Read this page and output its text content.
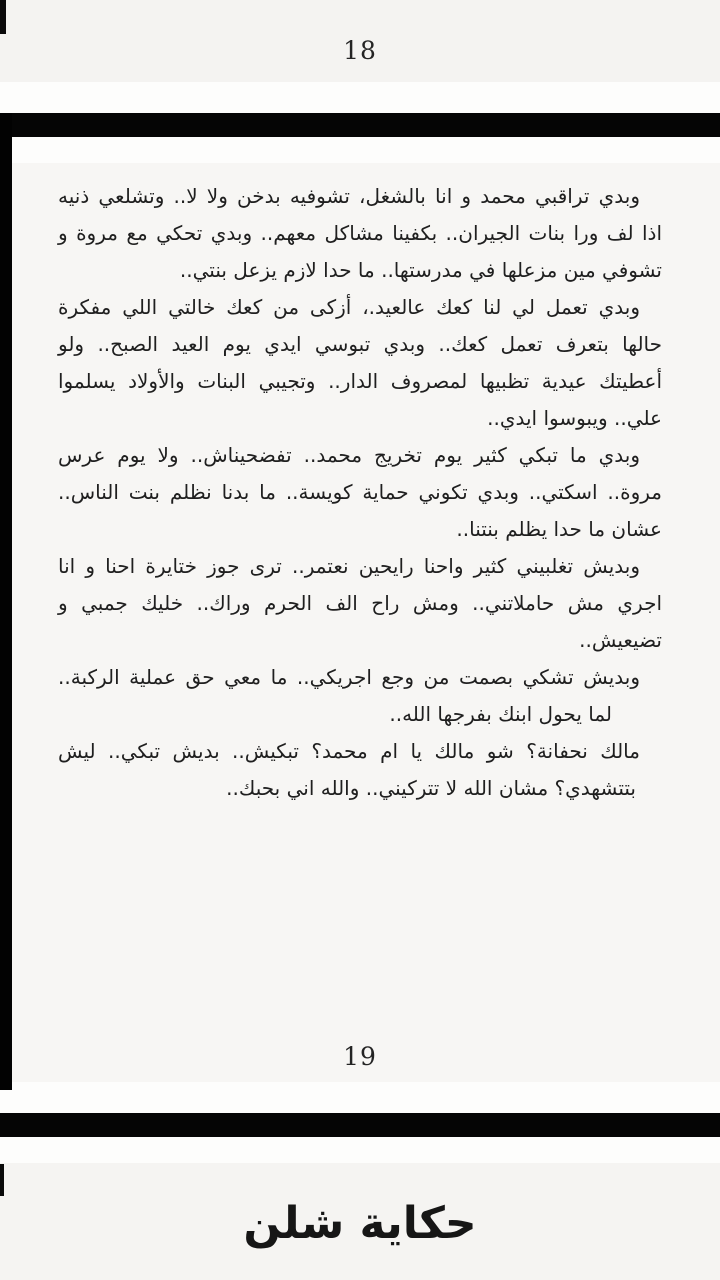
18

وبدي تراقبي محمد و انا بالشغل، تشوفيه بدخن ولا لا.. وتشلعي ذنيه
اذا لف ورا بنات الجيران.. بكفينا مشاكل معهم.. وبدي تحكي مع مروة و
تشوفي مين مزعلها في مدرستها.. ما حدا لازم يزعل بنتي..

وبدي تعمل لي لنا كعك عالعيد.، أزكى من كعك خالتي اللي مفكرة
حالها بتعرف تعمل كعك.. وبدي تبوسي ايدي يوم العيد الصبح.. ولو
أعطيتك عيدية تظبيها لمصروف الدار.. وتجيبي البنات والأولاد يسلموا
علي.. ويبوسوا ايدي..

وبدي ما تبكي كثير يوم تخريج محمد.. تفضحيناش.. ولا يوم عرس
مروة.. اسكتي.. وبدي تكوني حماية كويسة.. ما بدنا نظلم بنت الناس..
عشان ما حدا يظلم بنتنا..

وبديش تغلبيني كثير واحنا رايحين نعتمر.. ترى جوز ختايرة احنا و انا
اجري مش حاملاتني.. ومش راح الف الحرم وراك.. خليك جمبي و
تضيعيش..

وبديش تشكي بصمت من وجع اجريكي.. ما معي حق عملية الركبة..
لما يحول ابنك بفرجها الله..

مالك نحفانة؟ شو مالك يا ام محمد؟ تبكيش.. بديش تبكي.. ليش
بتتشهدي؟ مشان الله لا تتركيني.. والله اني بحبك..

19
حكاية شلن
